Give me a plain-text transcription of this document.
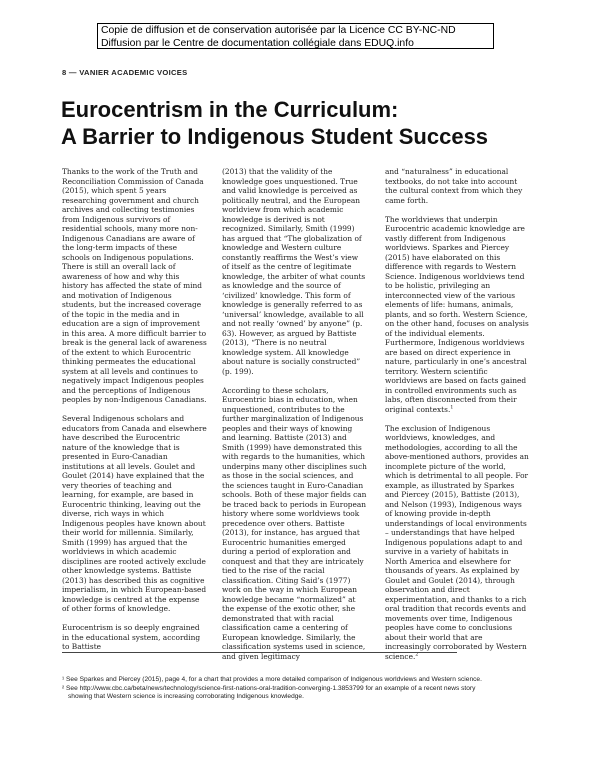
Copie de diffusion et de conservation autorisée par la Licence CC BY-NC-ND
Diffusion par le Centre de documentation collégiale dans EDUQ.info
8 — VANIER ACADEMIC VOICES
Eurocentrism in the Curriculum:
A Barrier to Indigenous Student Success

Thanks to the work of the Truth and Reconciliation Commission of Canada (2015), which spent 5 years researching government and church archives and collecting testimonies from Indigenous survivors of residential schools, many more non-Indigenous Canadians are aware of the long-term impacts of these schools on Indigenous populations. There is still an overall lack of awareness of how and why this history has affected the state of mind and motivation of Indigenous students, but the increased coverage of the topic in the media and in education are a sign of improvement in this area. A more difficult barrier to break is the general lack of awareness of the extent to which Eurocentric thinking permeates the educational system at all levels and continues to negatively impact Indigenous peoples and the perceptions of Indigenous peoples by non-Indigenous Canadians.

Several Indigenous scholars and educators from Canada and elsewhere have described the Eurocentric nature of the knowledge that is presented in Euro-Canadian institutions at all levels. Goulet and Goulet (2014) have explained that the very theories of teaching and learning, for example, are based in Eurocentric thinking, leaving out the diverse, rich ways in which Indigenous peoples have known about their world for millennia. Similarly, Smith (1999) has argued that the worldviews in which academic disciplines are rooted actively exclude other knowledge systems. Battiste (2013) has described this as cognitive imperialism, in which European-based knowledge is centred at the expense of other forms of knowledge.

Eurocentrism is so deeply engrained in the educational system, according to Battiste

(2013) that the validity of the knowledge goes unquestioned. True and valid knowledge is perceived as politically neutral, and the European worldview from which academic knowledge is derived is not recognized. Similarly, Smith (1999) has argued that “The globalization of knowledge and Western culture constantly reaffirms the West’s view of itself as the centre of legitimate knowledge, the arbiter of what counts as knowledge and the source of ‘civilized’ knowledge. This form of knowledge is generally referred to as ‘universal’ knowledge, available to all and not really ‘owned’ by anyone” (p. 63). However, as argued by Battiste (2013), “There is no neutral knowledge system. All knowledge about nature is socially constructed” (p. 199).

According to these scholars, Eurocentric bias in education, when unquestioned, contributes to the further marginalization of Indigenous peoples and their ways of knowing and learning. Battiste (2013) and Smith (1999) have demonstrated this with regards to the humanities, which underpins many other disciplines such as those in the social sciences, and the sciences taught in Euro-Canadian schools. Both of these major fields can be traced back to periods in European history where some worldviews took precedence over others. Battiste (2013), for instance, has argued that Eurocentric humanities emerged during a period of exploration and conquest and that they are intricately tied to the rise of the racial classification. Citing Said’s (1977) work on the way in which European knowledge became “normalized” at the expense of the exotic other, she demonstrated that with racial classification came a centering of European knowledge. Similarly, the classification systems used in science, and given legitimacy

and “naturalness” in educational textbooks, do not take into account the cultural context from which they came forth.

The worldviews that underpin Eurocentric academic knowledge are vastly different from Indigenous worldviews. Sparkes and Piercey (2015) have elaborated on this difference with regards to Western Science. Indigenous worldviews tend to be holistic, privileging an interconnected view of the various elements of life: humans, animals, plants, and so forth. Western Science, on the other hand, focuses on analysis of the individual elements. Furthermore, Indigenous worldviews are based on direct experience in nature, particularly in one’s ancestral territory. Western scientific worldviews are based on facts gained in controlled environments such as labs, often disconnected from their original contexts.$^1$

The exclusion of Indigenous worldviews, knowledges, and methodologies, according to all the above-mentioned authors, provides an incomplete picture of the world, which is detrimental to all people. For example, as illustrated by Sparkes and Piercey (2015), Battiste (2013), and Nelson (1993), Indigenous ways of knowing provide in-depth understandings of local environments – understandings that have helped Indigenous populations adapt to and survive in a variety of habitats in North America and elsewhere for thousands of years. As explained by Goulet and Goulet (2014), through observation and direct experimentation, and thanks to a rich oral tradition that records events and movements over time, Indigenous peoples have come to conclusions about their world that are increasingly corroborated by Western science.$^2$

¹ See Sparkes and Piercey (2015), page 4, for a chart that provides a more detailed comparison of Indigenous worldviews and Western science.
² See http://www.cbc.ca/beta/news/technology/science-first-nations-oral-tradition-converging-1.3853799 for an example of a recent news story
showing that Western science is increasing corroborating Indigenous knowledge.
